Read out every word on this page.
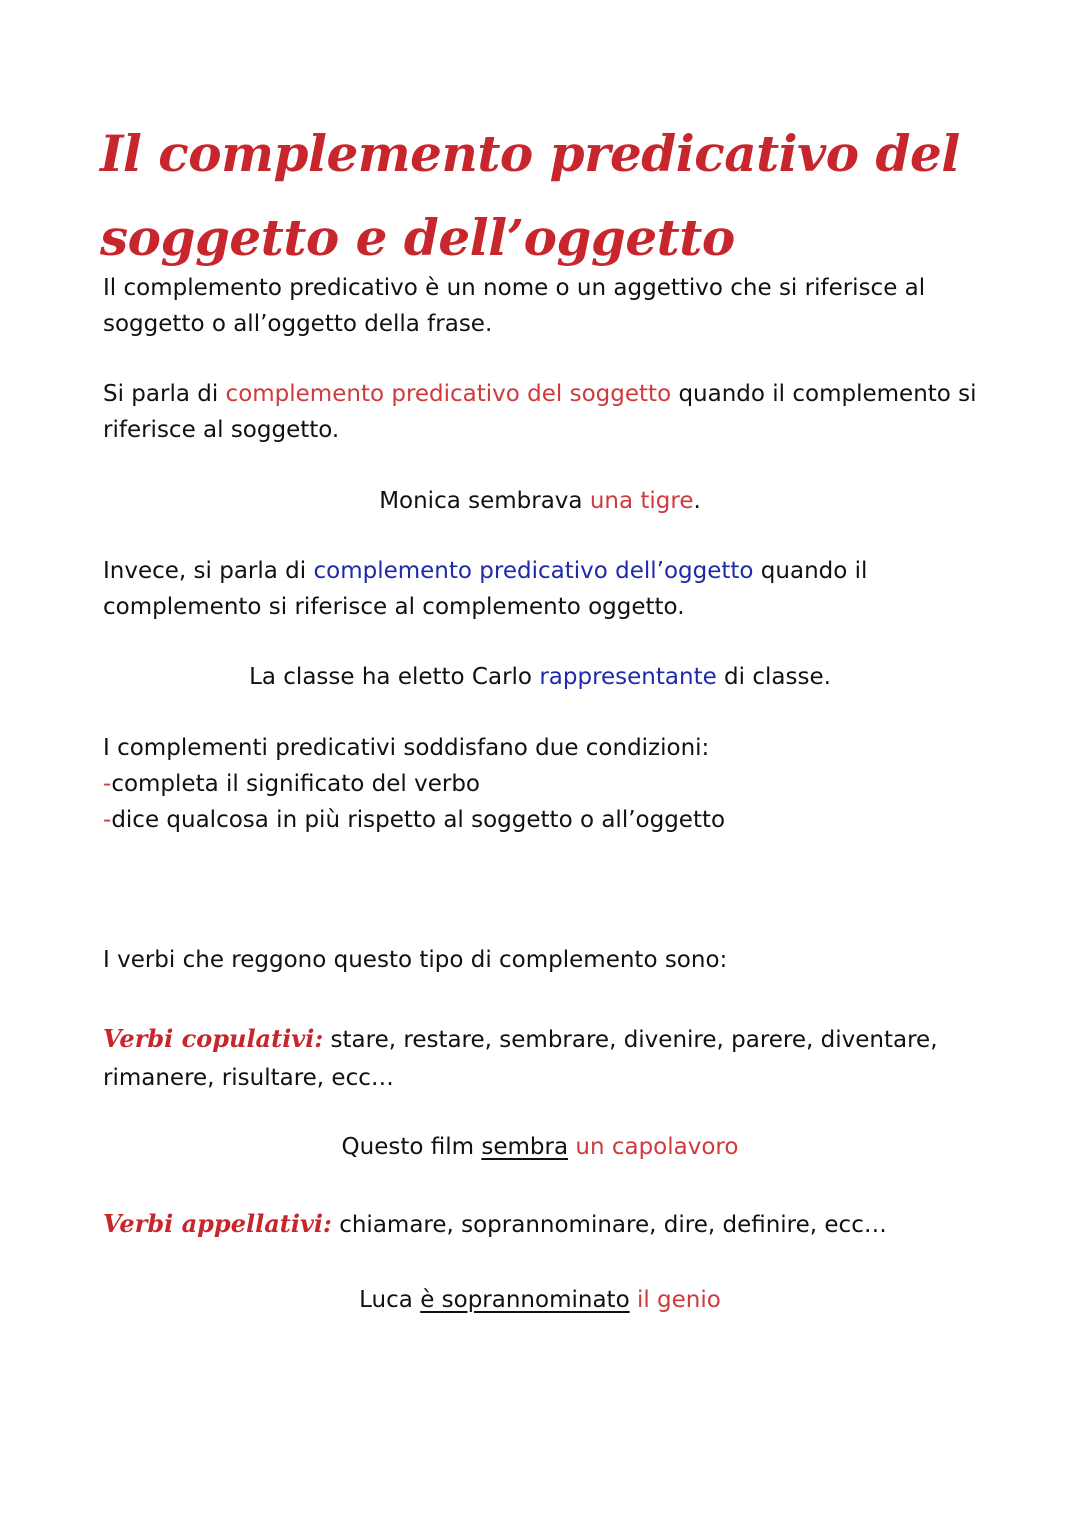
Il complemento predicativo del soggetto e dell’oggetto

Il complemento predicativo è un nome o un aggettivo che si riferisce al soggetto o all’oggetto della frase.

Si parla di complemento predicativo del soggetto quando il complemento si riferisce al soggetto.

Monica sembrava una tigre.

Invece, si parla di complemento predicativo dell’oggetto quando il complemento si riferisce al complemento oggetto.

La classe ha eletto Carlo rappresentante di classe.

I complementi predicativi soddisfano due condizioni:
-completa il significato del verbo
-dice qualcosa in più rispetto al soggetto o all’oggetto

I verbi che reggono questo tipo di complemento sono:

Verbi copulativi: stare, restare, sembrare, divenire, parere, diventare, rimanere, risultare, ecc…

Questo film sembra un capolavoro

Verbi appellativi: chiamare, soprannominare, dire, definire, ecc…

Luca è soprannominato il genio
